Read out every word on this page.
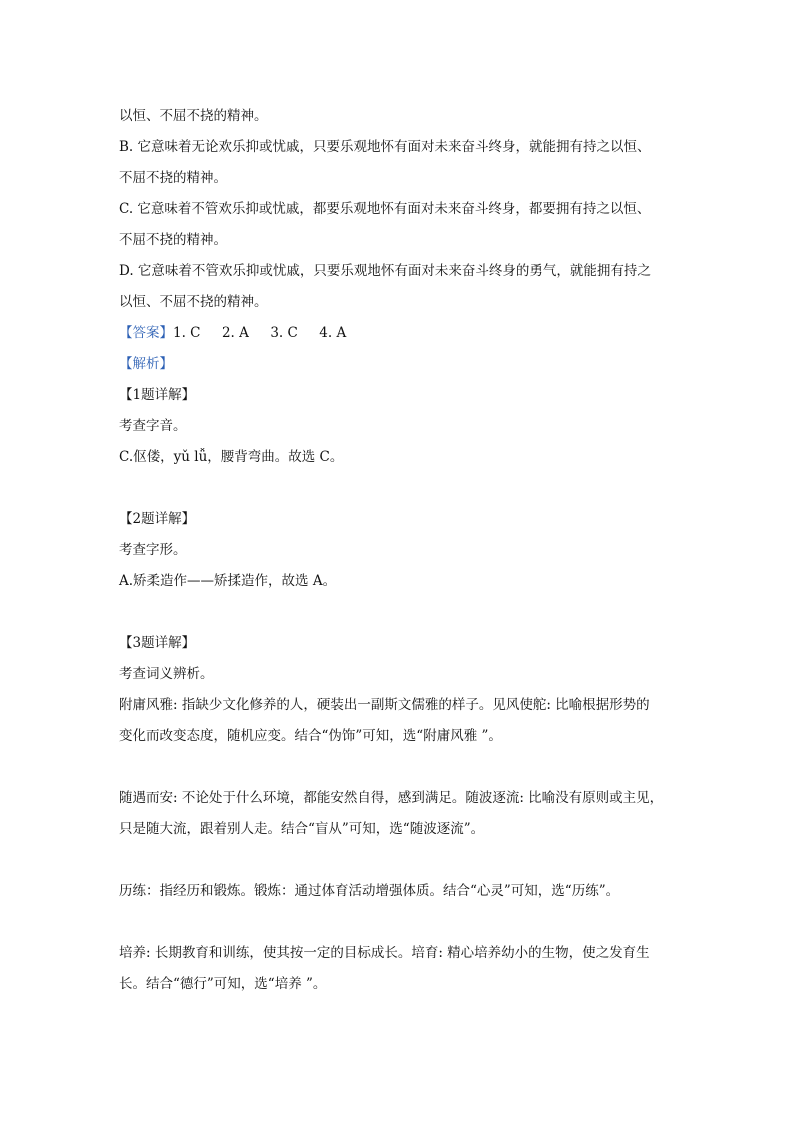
以恒、不屈不挠的精神。
B. 它意味着无论欢乐抑或忧戚，只要乐观地怀有面对未来奋斗终身，就能拥有持之以恒、
不屈不挠的精神。
C. 它意味着不管欢乐抑或忧戚，都要乐观地怀有面对未来奋斗终身，都要拥有持之以恒、
不屈不挠的精神。
D. 它意味着不管欢乐抑或忧戚，只要乐观地怀有面对未来奋斗终身的勇气，就能拥有持之
以恒、不屈不挠的精神。
【答案】1. C     2. A     3. C     4. A
【解析】
【1题详解】
考查字音。
C.伛偻，yǔ lǚ，腰背弯曲。故选 C。
【2题详解】
考查字形。
A.矫柔造作——矫揉造作，故选 A。
【3题详解】
考查词义辨析。
附庸风雅: 指缺少文化修养的人，硬装出一副斯文儒雅的样子。见风使舵: 比喻根据形势的
变化而改变态度，随机应变。结合“伪饰”可知，选“附庸风雅 ”。
随遇而安: 不论处于什么环境，都能安然自得，感到满足。随波逐流: 比喻没有原则或主见，
只是随大流，跟着别人走。结合“盲从”可知，选“随波逐流”。
历练：指经历和锻炼。锻炼：通过体育活动增强体质。结合“心灵”可知，选“历练”。
培养: 长期教育和训练，使其按一定的目标成长。培育: 精心培养幼小的生物，使之发育生
长。结合“德行”可知，选“培养 ”。
